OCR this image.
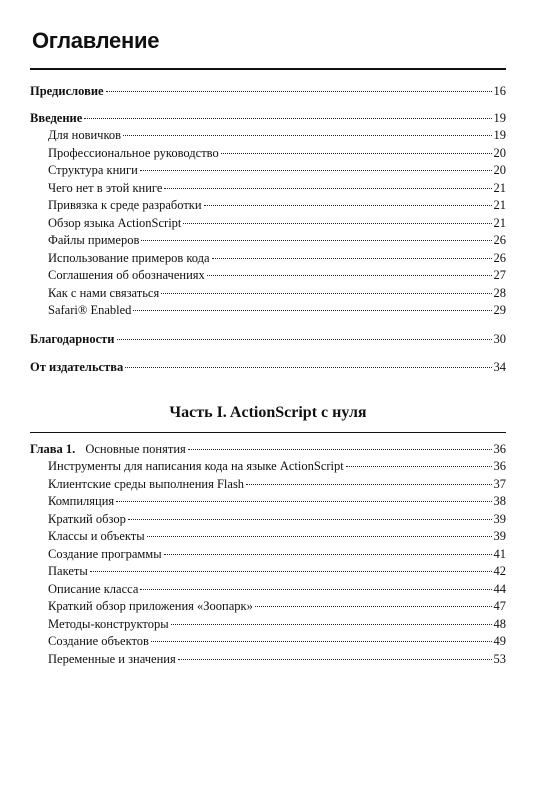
Оглавление
Предисловие	16
Введение	19
Для новичков	19
Профессиональное руководство	20
Структура книги	20
Чего нет в этой книге	21
Привязка к среде разработки	21
Обзор языка ActionScript	21
Файлы примеров	26
Использование примеров кода	26
Соглашения об обозначениях	27
Как с нами связаться	28
Safari® Enabled	29
Благодарности	30
От издательства	34
Часть I. ActionScript с нуля
Глава 1. Основные понятия	36
Инструменты для написания кода на языке ActionScript	36
Клиентские среды выполнения Flash	37
Компиляция	38
Краткий обзор	39
Классы и объекты	39
Создание программы	41
Пакеты	42
Описание класса	44
Краткий обзор приложения «Зоопарк»	47
Методы-конструкторы	48
Создание объектов	49
Переменные и значения	53
